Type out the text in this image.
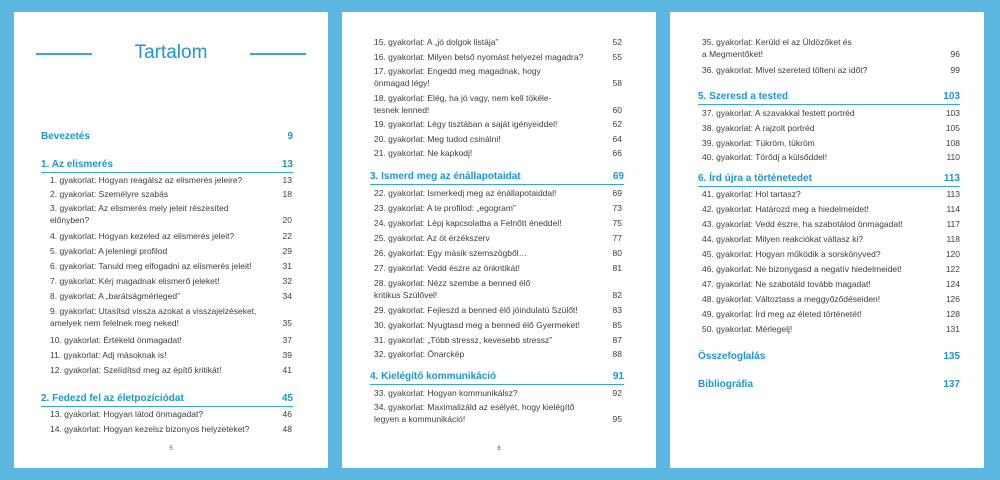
Tartalom
Bevezetés	9
1. Az elismerés	13
1. gyakorlat: Hogyan reagálsz az elismerés jeleire?	13
2. gyakorlat: Személyre szabás	18
3. gyakorlat: Az elismerés mely jeleit részesíted
előnyben?	20
4. gyakorlat: Hogyan kezeled az elismerés jeleit?	22
5. gyakorlat: A jelenlegi profilod	29
6. gyakorlat: Tanuld meg elfogadni az elismerés jeleit!	31
7. gyakorlat: Kérj magadnak elismerő jeleket!	32
8. gyakorlat: A „barátságmérleged”	34
9. gyakorlat: Utasítsd vissza azokat a visszajelzéseket,
amelyek nem felelnek meg neked!	35
10. gyakorlat: Értékeld önmagadat!	37
11. gyakorlat: Adj másoknak is!	39
12. gyakorlat: Szelídítsd meg az építő kritikát!	41
2. Fedezd fel az életpozíciódat	45
13. gyakorlat: Hogyan látod önmagadat?	46
14. gyakorlat: Hogyan kezelsz bizonyos helyzeteket?	48
5
15. gyakorlat: A „jó dolgok listája”	52
16. gyakorlat: Milyen belső nyomást helyezel magadra?	55
17. gyakorlat: Engedd meg magadnak, hogy
önmagad légy!	58
18. gyakorlat: Elég, ha jó vagy, nem kell tökéle-
tesnek lenned!	60
19. gyakorlat: Légy tisztában a saját igényeiddel!	62
20. gyakorlat: Meg tudod csinálni!	64
21. gyakorlat: Ne kapkodj!	66
3. Ismerd meg az énállapotaidat	69
22. gyakorlat: Ismerkedj meg az énállapotaiddal!	69
23. gyakorlat: A te profilod: „egogram”	73
24. gyakorlat: Lépj kapcsolatba a Felnőtt éneddel!	75
25. gyakorlat: Az öt érzékszerv	77
26. gyakorlat: Egy másik szemszögből…	80
27. gyakorlat: Vedd észre az önkritikát!	81
28. gyakorlat: Nézz szembe a benned élő
kritikus Szülővel!	82
29. gyakorlat: Fejleszd a benned élő jóindulatú Szülőt!	83
30. gyakorlat: Nyugtasd meg a benned élő Gyermeket!	85
31. gyakorlat: „Több stressz, kevesebb stressz”	87
32. gyakorlat: Önarckép	88
4. Kielégítő kommunikáció	91
33. gyakorlat: Hogyan kommunikálsz?	92
34. gyakorlat: Maximalizáld az esélyét, hogy kielégítő
legyen a kommunikáció!	95
6
35. gyakorlat: Kerüld el az Üldözőket és
a Megmentőket!	96
36. gyakorlat: Mivel szereted tölteni az időt?	99
5. Szeresd a tested	103
37. gyakorlat: A szavakkal festett portréd	103
38. gyakorlat: A rajzolt portréd	105
39. gyakorlat: Tükröm, tükröm	108
40. gyakorlat: Törődj a külsőddel!	110
6. Írd újra a történetedet	113
41. gyakorlat: Hol tartasz?	113
42. gyakorlat: Határozd meg a hiedelmeidet!	114
43. gyakorlat: Vedd észre, ha szabotálod önmagadat!	117
44. gyakorlat: Milyen reakciókat váltasz ki?	118
45. gyakorlat: Hogyan működik a sorskönyved?	120
46. gyakorlat: Ne bizonygasd a negatív hiedelmeidet!	122
47. gyakorlat: Ne szabotáld tovább magadat!	124
48. gyakorlat: Változtass a meggyőződéseiden!	126
49. gyakorlat: Írd meg az életed történetét!	128
50. gyakorlat: Mérlegelj!	131
Összefoglalás	135
Bibliográfia	137
